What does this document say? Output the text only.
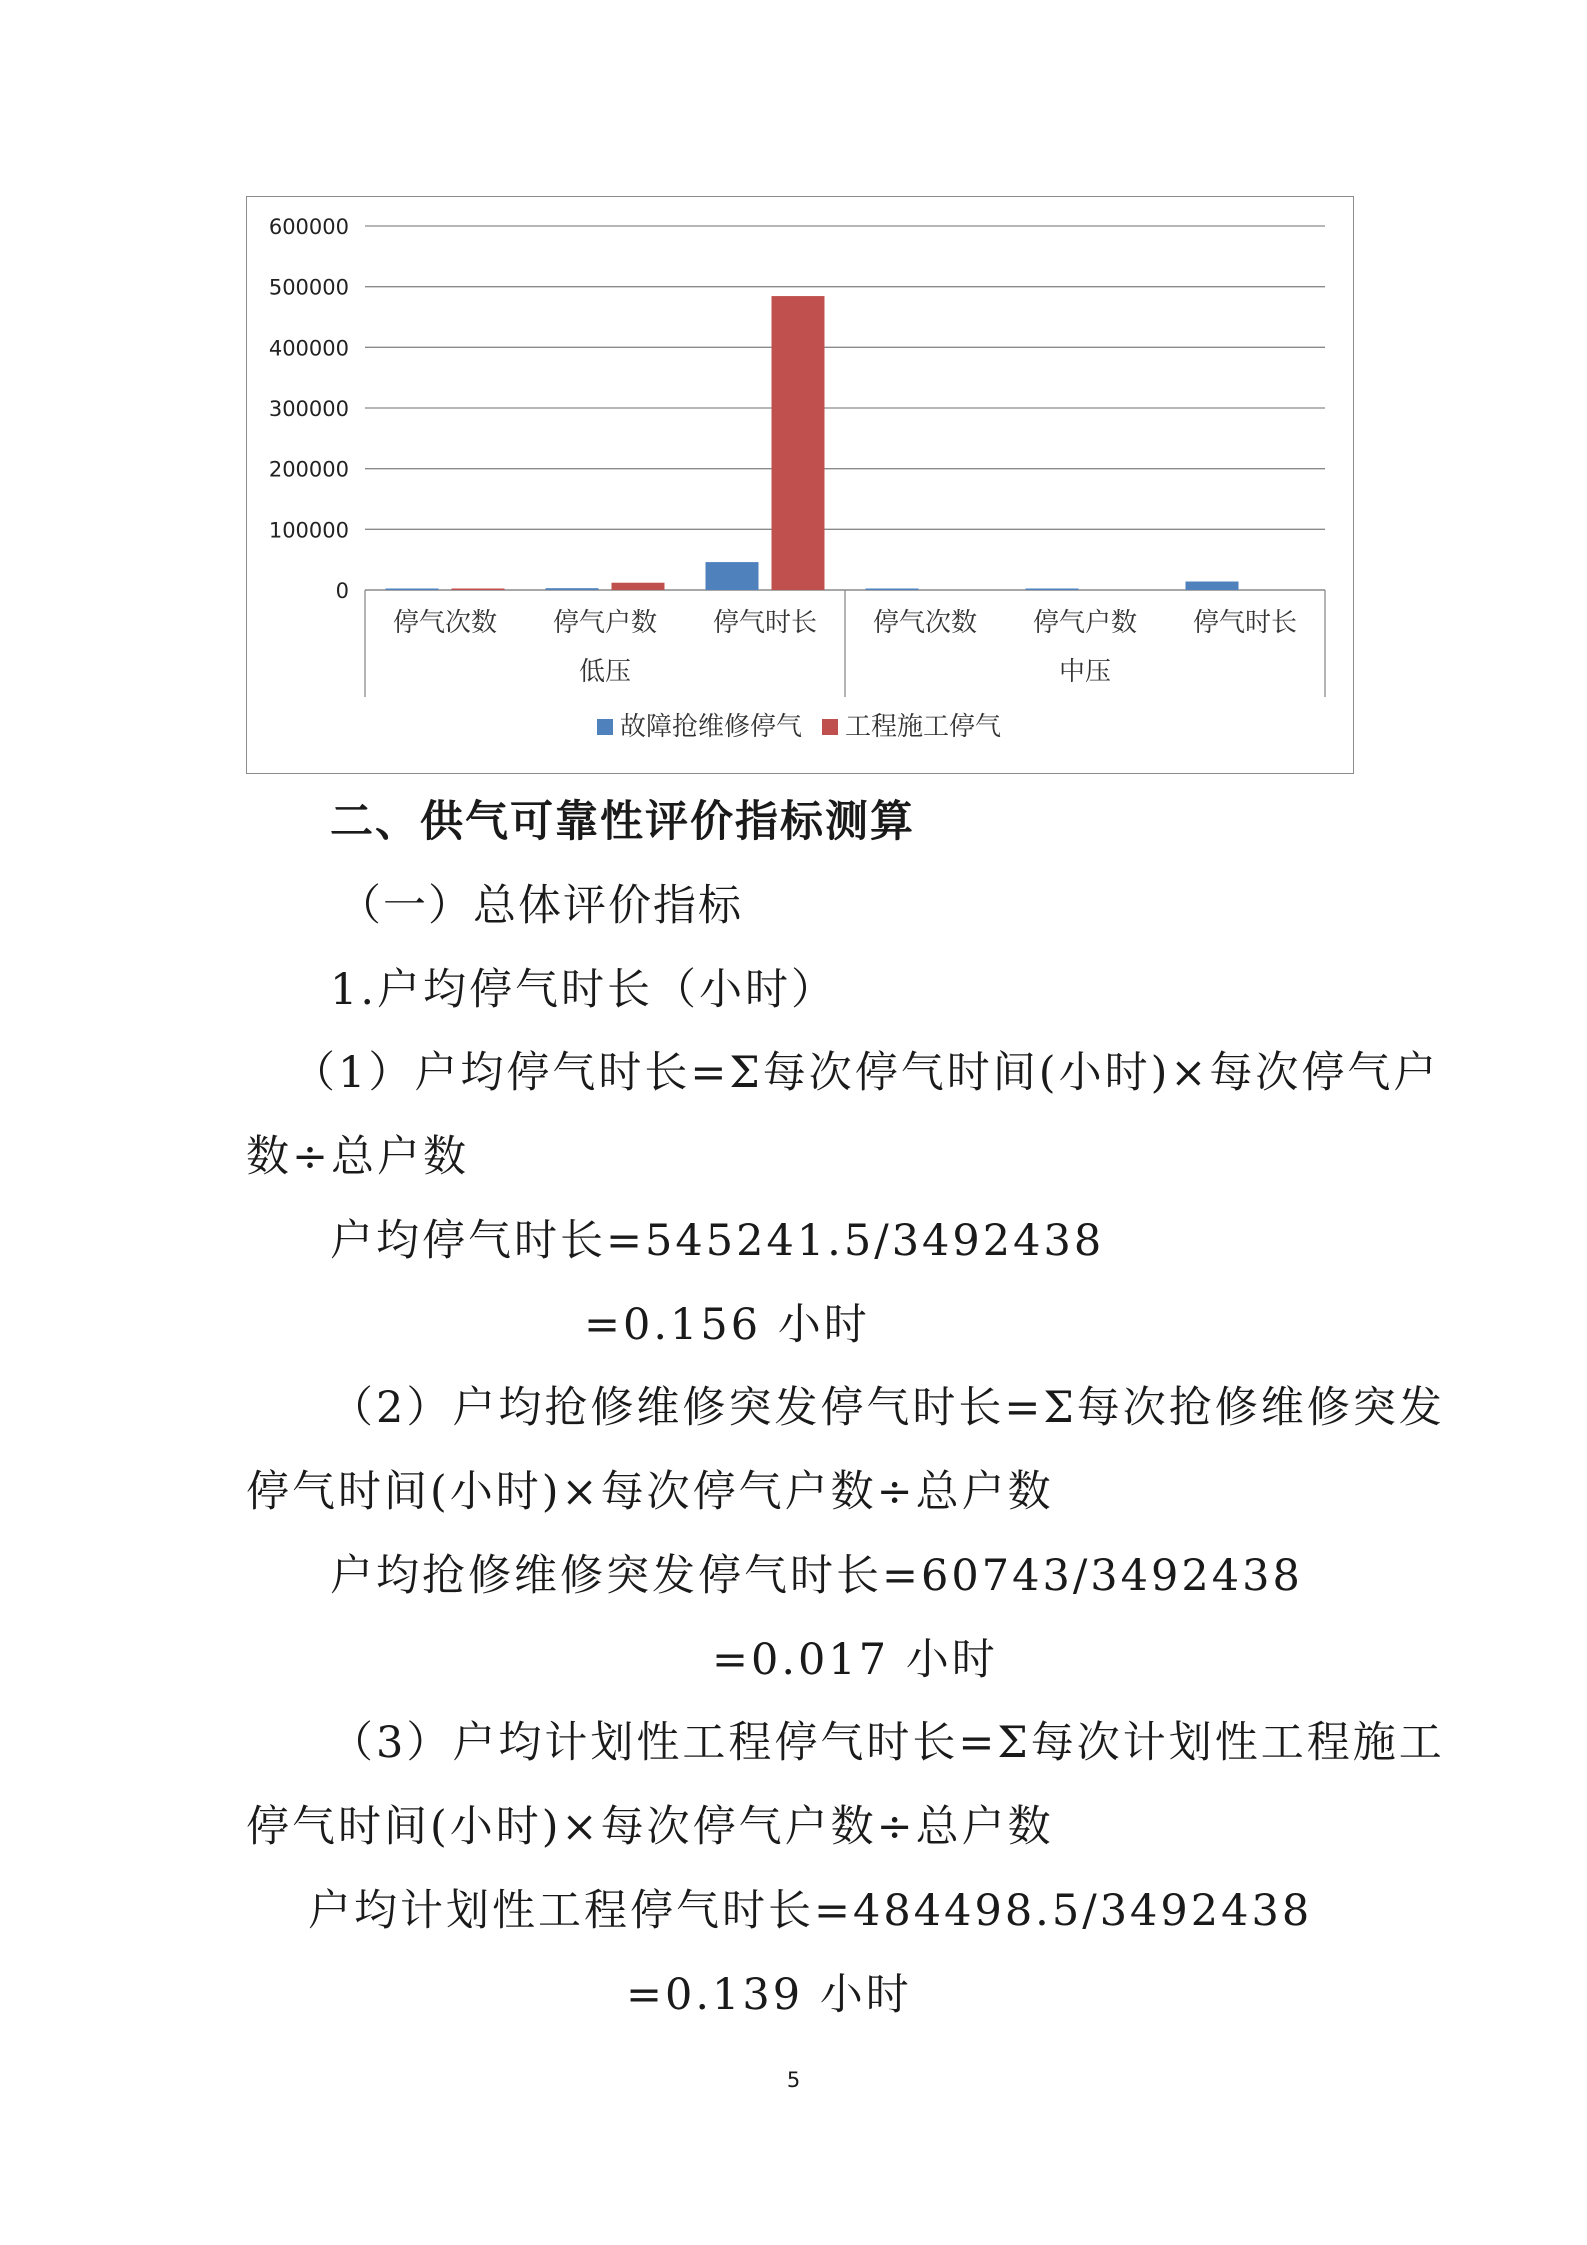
600000
500000
400000
300000
200000
100000
0
停气次数 停气户数 停气时长 停气次数 停气户数 停气时长
低压	中压
故障抢维修停气 工程施工停气
二、供气可靠性评价指标测算
（一）总体评价指标
1.户均停气时长（小时）
（1）户均停气时长=Σ每次停气时间(小时)×每次停气户
数÷总户数
户均停气时长=545241.5/3492438
=0.156 小时
（2）户均抢修维修突发停气时长=Σ每次抢修维修突发
停气时间(小时)×每次停气户数÷总户数
户均抢修维修突发停气时长=60743/3492438
=0.017 小时
（3）户均计划性工程停气时长=Σ每次计划性工程施工
停气时间(小时)×每次停气户数÷总户数
户均计划性工程停气时长=484498.5/3492438
=0.139 小时
5
